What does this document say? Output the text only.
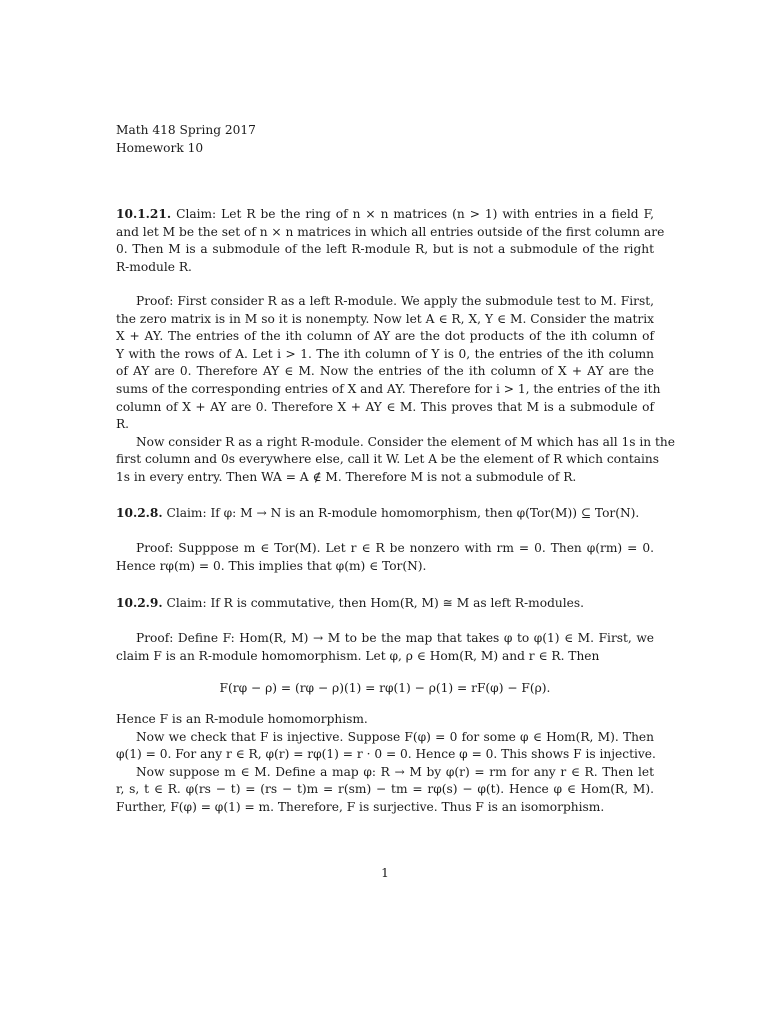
Math 418 Spring 2017
Homework 10
10.1.21. Claim: Let R be the ring of n × n matrices (n > 1) with entries in a field F,
and let M be the set of n × n matrices in which all entries outside of the first column are
0. Then M is a submodule of the left R-module R, but is not a submodule of the right
R-module R.
Proof: First consider R as a left R-module. We apply the submodule test to M. First,
the zero matrix is in M so it is nonempty. Now let A ∈ R, X, Y ∈ M. Consider the matrix
X + AY. The entries of the ith column of AY are the dot products of the ith column of
Y with the rows of A. Let i > 1. The ith column of Y is 0, the entries of the ith column
of AY are 0. Therefore AY ∈ M. Now the entries of the ith column of X + AY are the
sums of the corresponding entries of X and AY. Therefore for i > 1, the entries of the ith
column of X + AY are 0. Therefore X + AY ∈ M. This proves that M is a submodule of
R.
Now consider R as a right R-module. Consider the element of M which has all 1s in the
first column and 0s everywhere else, call it W. Let A be the element of R which contains
1s in every entry. Then WA = A ∉ M. Therefore M is not a submodule of R.
10.2.8. Claim: If φ: M → N is an R-module homomorphism, then φ(Tor(M)) ⊆ Tor(N).
Proof: Supppose m ∈ Tor(M). Let r ∈ R be nonzero with rm = 0. Then φ(rm) = 0.
Hence rφ(m) = 0. This implies that φ(m) ∈ Tor(N).
10.2.9. Claim: If R is commutative, then Hom(R, M) ≅ M as left R-modules.
Proof: Define F: Hom(R, M) → M to be the map that takes φ to φ(1) ∈ M. First, we
claim F is an R-module homomorphism. Let φ, ρ ∈ Hom(R, M) and r ∈ R. Then
F(rφ − ρ) = (rφ − ρ)(1) = rφ(1) − ρ(1) = rF(φ) − F(ρ).
Hence F is an R-module homomorphism.
Now we check that F is injective. Suppose F(φ) = 0 for some φ ∈ Hom(R, M). Then
φ(1) = 0. For any r ∈ R, φ(r) = rφ(1) = r · 0 = 0. Hence φ = 0. This shows F is injective.
Now suppose m ∈ M. Define a map φ: R → M by φ(r) = rm for any r ∈ R. Then let
r, s, t ∈ R. φ(rs − t) = (rs − t)m = r(sm) − tm = rφ(s) − φ(t). Hence φ ∈ Hom(R, M).
Further, F(φ) = φ(1) = m. Therefore, F is surjective. Thus F is an isomorphism.
1
